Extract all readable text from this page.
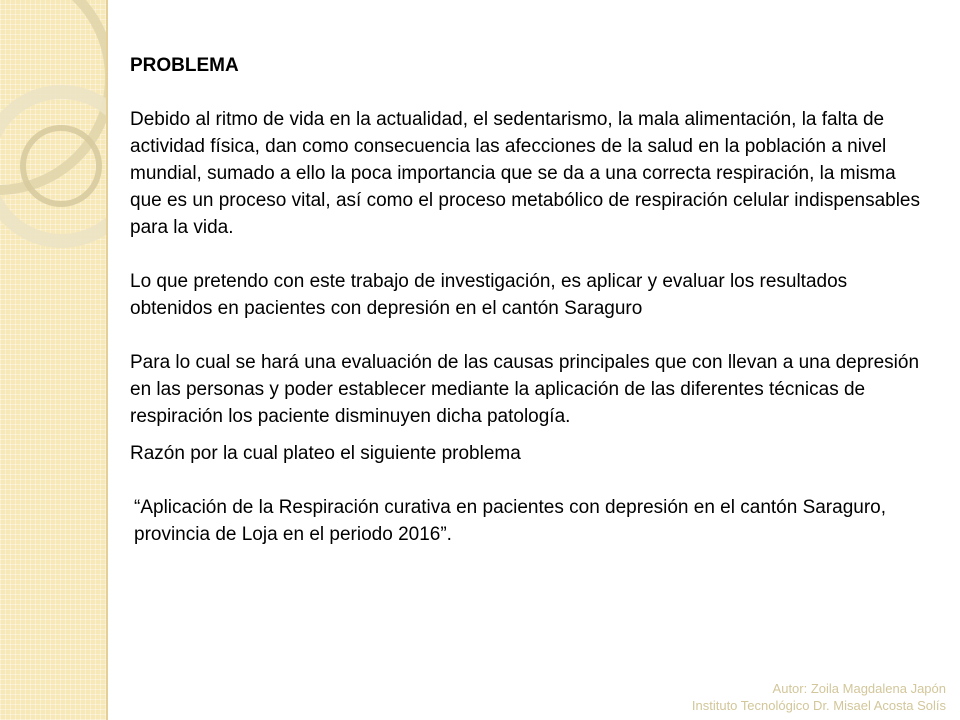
PROBLEMA

Debido al ritmo de vida en la actualidad, el sedentarismo, la mala alimentación, la falta de actividad física, dan como consecuencia las afecciones de la salud en la población a nivel mundial, sumado a ello la poca importancia que se da a una correcta respiración, la misma que es un proceso vital, así como el proceso metabólico de respiración celular indispensables para la vida.

Lo que pretendo con este trabajo de investigación, es aplicar y evaluar los resultados obtenidos en pacientes con depresión en el cantón Saraguro

Para lo cual se hará una evaluación de las causas principales que con llevan a una depresión en las personas y poder establecer mediante la aplicación de las diferentes técnicas de respiración los paciente disminuyen dicha patología.

Razón por la cual plateo el siguiente problema

“Aplicación de la Respiración curativa en pacientes con depresión en el cantón Saraguro, provincia de Loja en el periodo 2016”.

Autor: Zoila Magdalena Japón
Instituto Tecnológico Dr. Misael Acosta Solís
